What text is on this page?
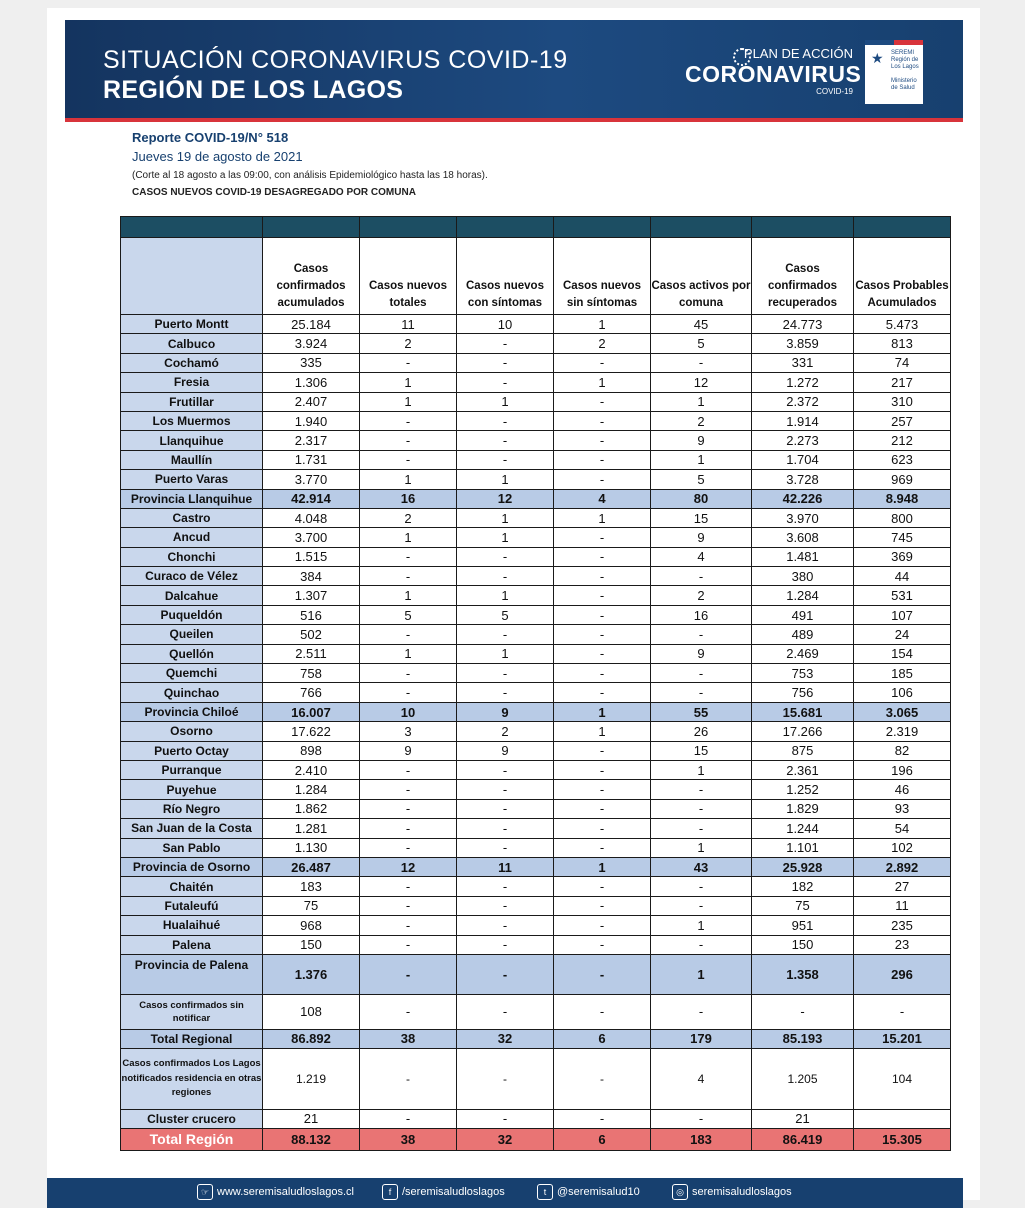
SITUACIÓN CORONAVIRUS COVID-19
REGIÓN DE LOS LAGOS
PLAN DE ACCIÓN
CORONAVIRUS
COVID-19
★ SEREMI Región de Los Lagos

Ministerio de Salud
Reporte COVID-19/N° 518
Jueves 19 de agosto de 2021
(Corte al 18 agosto a las 09:00, con análisis Epidemiológico hasta las 18 horas).
CASOS NUEVOS COVID-19 DESAGREGADO POR COMUNA

	Casos confirmados acumulados	Casos nuevos totales	Casos nuevos con síntomas	Casos nuevos sin síntomas	Casos activos por comuna	Casos confirmados recuperados	Casos Probables Acumulados
Puerto Montt	25.184	11	10	1	45	24.773	5.473
Calbuco	3.924	2	-	2	5	3.859	813
Cochamó	335	-	-	-	-	331	74
Fresia	1.306	1	-	1	12	1.272	217
Frutillar	2.407	1	1	-	1	2.372	310
Los Muermos	1.940	-	-	-	2	1.914	257
Llanquihue	2.317	-	-	-	9	2.273	212
Maullín	1.731	-	-	-	1	1.704	623
Puerto Varas	3.770	1	1	-	5	3.728	969
Provincia Llanquihue	42.914	16	12	4	80	42.226	8.948
Castro	4.048	2	1	1	15	3.970	800
Ancud	3.700	1	1	-	9	3.608	745
Chonchi	1.515	-	-	-	4	1.481	369
Curaco de Vélez	384	-	-	-	-	380	44
Dalcahue	1.307	1	1	-	2	1.284	531
Puqueldón	516	5	5	-	16	491	107
Queilen	502	-	-	-	-	489	24
Quellón	2.511	1	1	-	9	2.469	154
Quemchi	758	-	-	-	-	753	185
Quinchao	766	-	-	-	-	756	106
Provincia Chiloé	16.007	10	9	1	55	15.681	3.065
Osorno	17.622	3	2	1	26	17.266	2.319
Puerto Octay	898	9	9	-	15	875	82
Purranque	2.410	-	-	-	1	2.361	196
Puyehue	1.284	-	-	-	-	1.252	46
Río Negro	1.862	-	-	-	-	1.829	93
San Juan de la Costa	1.281	-	-	-	-	1.244	54
San Pablo	1.130	-	-	-	1	1.101	102
Provincia de Osorno	26.487	12	11	1	43	25.928	2.892
Chaitén	183	-	-	-	-	182	27
Futaleufú	75	-	-	-	-	75	11
Hualaihué	968	-	-	-	1	951	235
Palena	150	-	-	-	-	150	23
Provincia de Palena	1.376	-	-	-	1	1.358	296
Casos confirmados sin notificar	108	-	-	-	-	-	-
Total Regional	86.892	38	32	6	179	85.193	15.201
Casos confirmados Los Lagos notificados residencia en otras regiones	1.219	-	-	-	4	1.205	104
Cluster crucero	21	-	-	-	-	21	
Total Región	88.132	38	32	6	183	86.419	15.305
☞ www.seremisaludloslagos.cl	f /seremisaludloslagos	t @seremisalud10	◎ seremisaludloslagos
